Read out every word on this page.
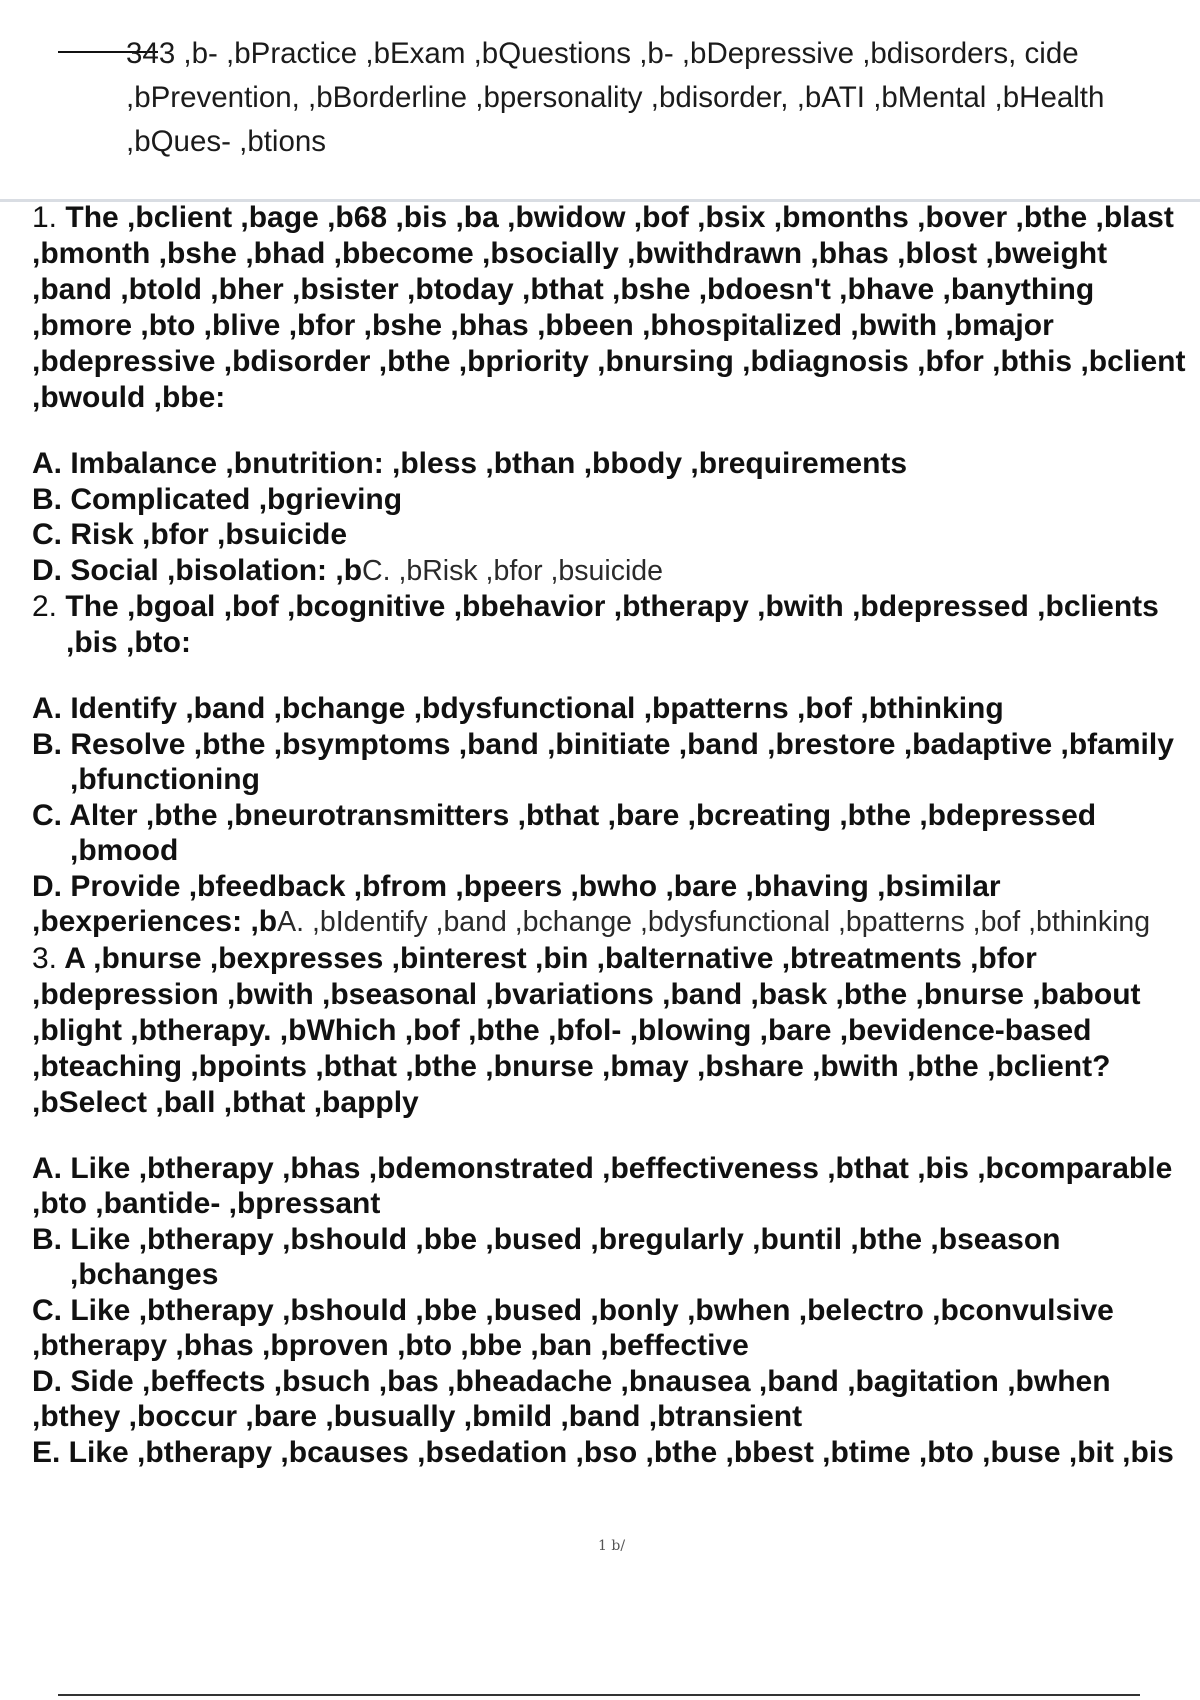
343 ,b- ,bPractice ,bExam ,bQuestions ,b- ,bDepressive ,bdisorders, cide ,bPrevention, ,bBorderline ,bpersonality ,bdisorder, ,bATI ,bMental ,bHealth ,bQues- ,btions

1. The ,bclient ,bage ,b68 ,bis ,ba ,bwidow ,bof ,bsix ,bmonths ,bover ,bthe ,blast ,bmonth ,bshe ,bhad ,bbecome ,bsocially ,bwithdrawn ,bhas ,blost ,bweight ,band ,btold ,bher ,bsister ,btoday ,bthat ,bshe ,bdoesn't ,bhave ,banything ,bmore ,bto ,blive ,bfor ,bshe ,bhas ,bbeen ,bhospitalized ,bwith ,bmajor ,bdepressive ,bdisorder ,bthe ,bpriority ,bnursing ,bdiagnosis ,bfor ,bthis ,bclient ,bwould ,bbe:

A. Imbalance ,bnutrition: ,bless ,bthan ,bbody ,brequirements

B. Complicated ,bgrieving

C. Risk ,bfor ,bsuicide

D. Social ,bisolation: ,bC. ,bRisk ,bfor ,bsuicide

2. The ,bgoal ,bof ,bcognitive ,bbehavior ,btherapy ,bwith ,bdepressed ,bclients ,bis ,bto:

A. Identify ,band ,bchange ,bdysfunctional ,bpatterns ,bof ,bthinking

B. Resolve ,bthe ,bsymptoms ,band ,binitiate ,band ,brestore ,badaptive ,bfamily ,bfunctioning

C. Alter ,bthe ,bneurotransmitters ,bthat ,bare ,bcreating ,bthe ,bdepressed ,bmood

D. Provide ,bfeedback ,bfrom ,bpeers ,bwho ,bare ,bhaving ,bsimilar ,bexperiences: ,bA. ,bIdentify ,band ,bchange ,bdysfunctional ,bpatterns ,bof ,bthinking

3. A ,bnurse ,bexpresses ,binterest ,bin ,balternative ,btreatments ,bfor ,bdepression ,bwith ,bseasonal ,bvariations ,band ,bask ,bthe ,bnurse ,babout ,blight ,btherapy. ,bWhich ,bof ,bthe ,bfol- ,blowing ,bare ,bevidence-based ,bteaching ,bpoints ,bthat ,bthe ,bnurse ,bmay ,bshare ,bwith ,bthe ,bclient? ,bSelect ,ball ,bthat ,bapply

A. Like ,btherapy ,bhas ,bdemonstrated ,beffectiveness ,bthat ,bis ,bcomparable ,bto ,bantide- ,bpressant

B. Like ,btherapy ,bshould ,bbe ,bused ,bregularly ,buntil ,bthe ,bseason ,bchanges

C. Like ,btherapy ,bshould ,bbe ,bused ,bonly ,bwhen ,belectro ,bconvulsive ,btherapy ,bhas ,bproven ,bto ,bbe ,ban ,beffective

D. Side ,beffects ,bsuch ,bas ,bheadache ,bnausea ,band ,bagitation ,bwhen ,bthey ,boccur ,bare ,busually ,bmild ,band ,btransient

E. Like ,btherapy ,bcauses ,bsedation ,bso ,bthe ,bbest ,btime ,bto ,buse ,bit ,bis

1 b/
